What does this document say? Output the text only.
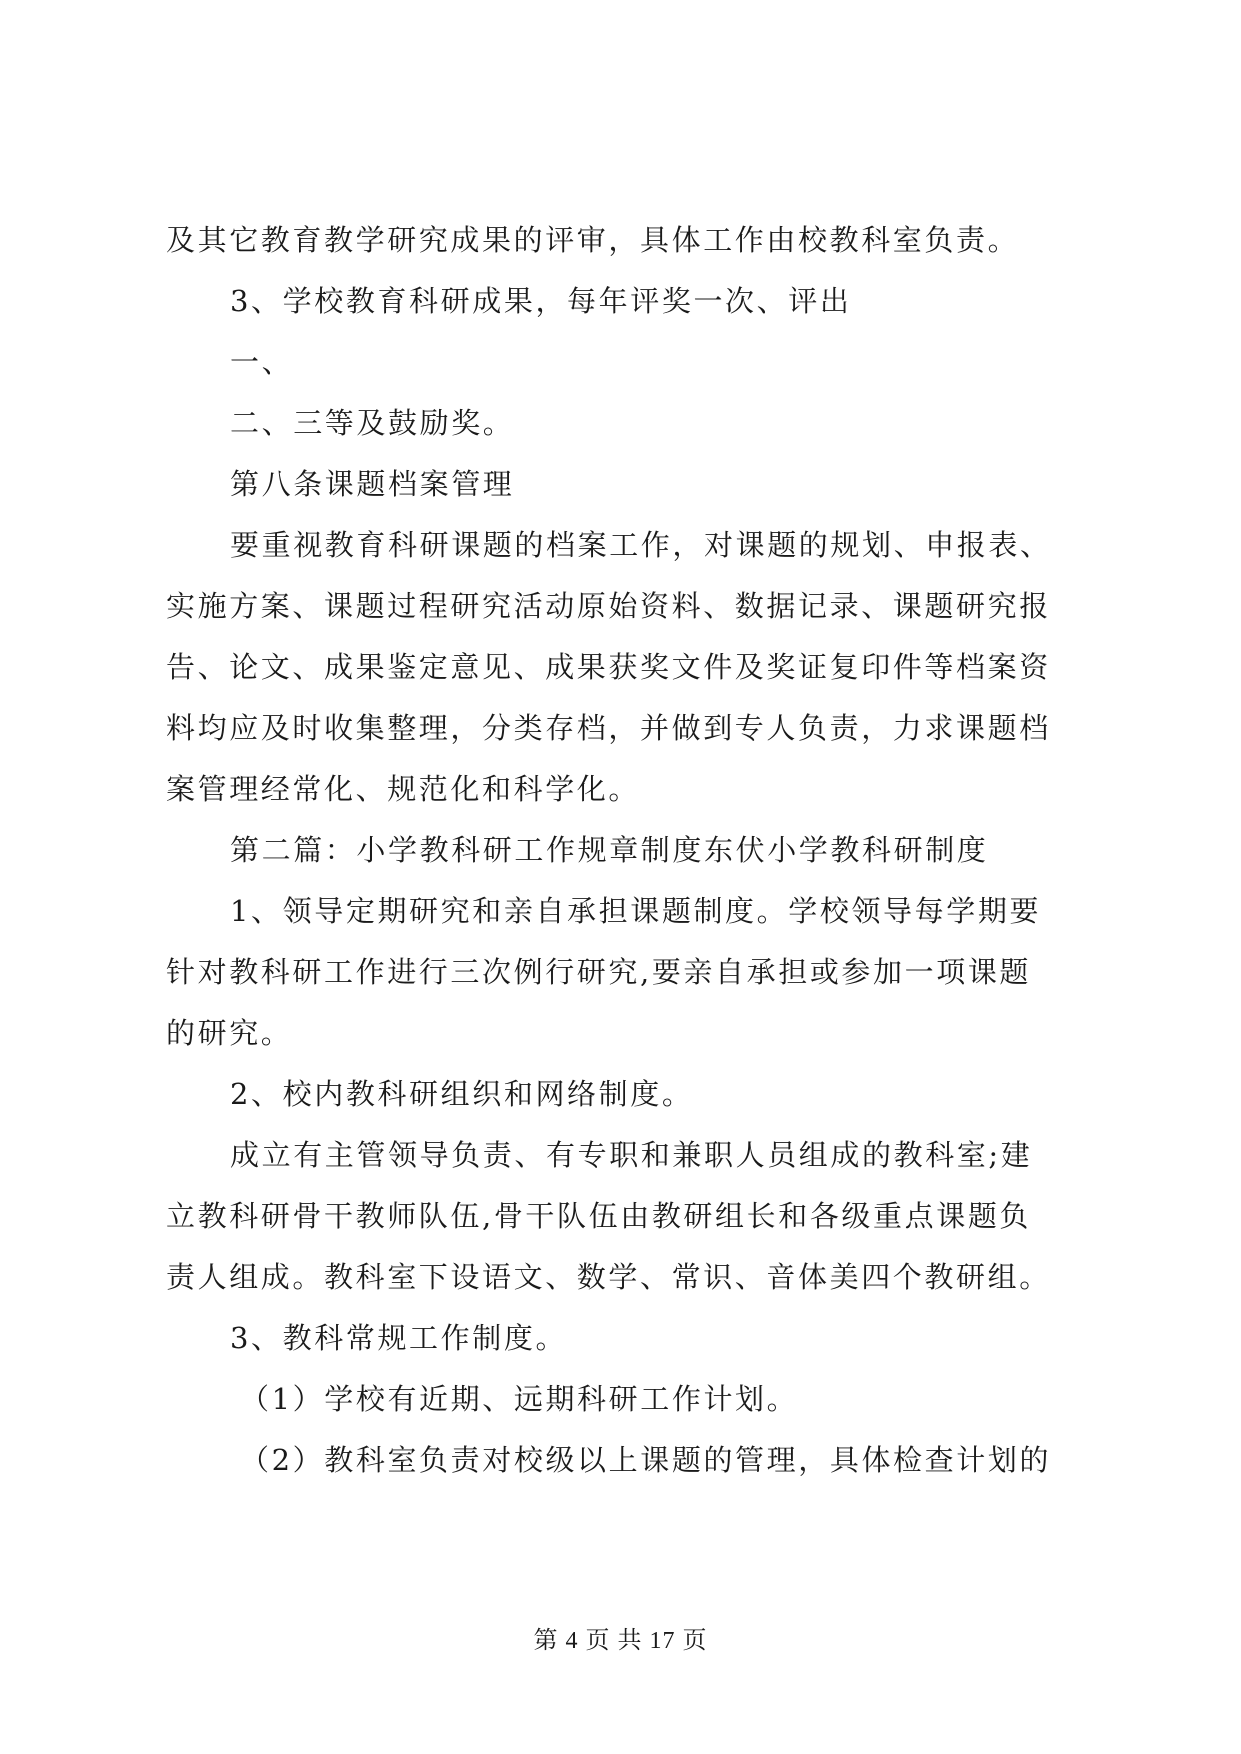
及其它教育教学研究成果的评审，具体工作由校教科室负责。

3、学校教育科研成果，每年评奖一次、评出

一、

二、三等及鼓励奖。

第八条课题档案管理

要重视教育科研课题的档案工作，对课题的规划、申报表、

实施方案、课题过程研究活动原始资料、数据记录、课题研究报

告、论文、成果鉴定意见、成果获奖文件及奖证复印件等档案资

料均应及时收集整理，分类存档，并做到专人负责，力求课题档

案管理经常化、规范化和科学化。

第二篇：小学教科研工作规章制度东伏小学教科研制度

1、领导定期研究和亲自承担课题制度。学校领导每学期要

针对教科研工作进行三次例行研究,要亲自承担或参加一项课题

的研究。

2、校内教科研组织和网络制度。

成立有主管领导负责、有专职和兼职人员组成的教科室;建

立教科研骨干教师队伍,骨干队伍由教研组长和各级重点课题负

责人组成。教科室下设语文、数学、常识、音体美四个教研组。

3、教科常规工作制度。

（1）学校有近期、远期科研工作计划。

（2）教科室负责对校级以上课题的管理，具体检查计划的

第 4 页 共 17 页
